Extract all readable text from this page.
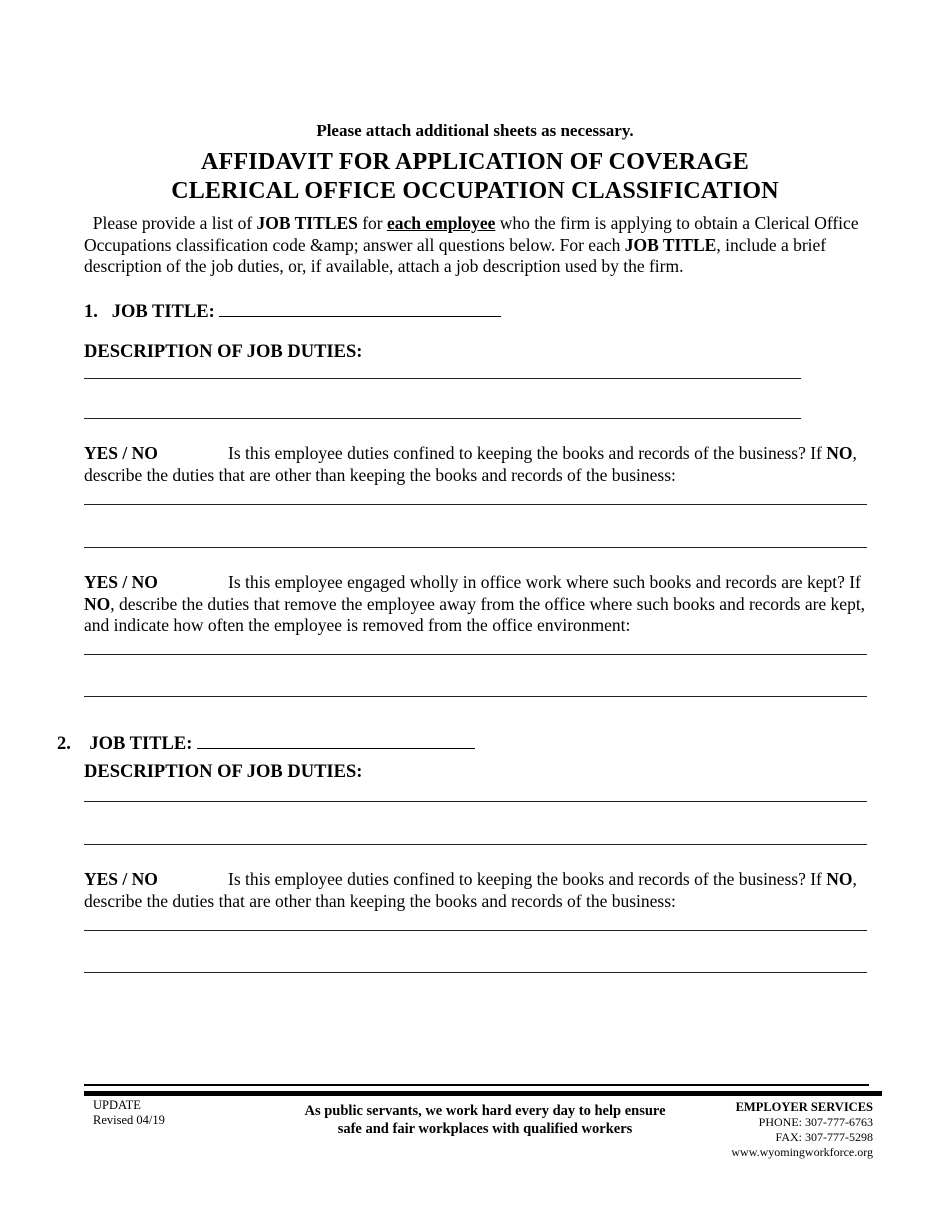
Please attach additional sheets as necessary.
AFFIDAVIT FOR APPLICATION OF COVERAGE
CLERICAL OFFICE OCCUPATION CLASSIFICATION
Please provide a list of JOB TITLES for each employee who the firm is applying to obtain a Clerical Office Occupations classification code &amp; answer all questions below. For each JOB TITLE, include a brief description of the job duties, or, if available, attach a job description used by the firm.
1. JOB TITLE:
DESCRIPTION OF JOB DUTIES:
YES / NO	Is this employee duties confined to keeping the books and records of the business? If NO, describe the duties that are other than keeping the books and records of the business:
YES / NO	Is this employee engaged wholly in office work where such books and records are kept? If NO, describe the duties that remove the employee away from the office where such books and records are kept, and indicate how often the employee is removed from the office environment:
2. JOB TITLE:
DESCRIPTION OF JOB DUTIES:
YES / NO	Is this employee duties confined to keeping the books and records of the business? If NO, describe the duties that are other than keeping the books and records of the business:
UPDATE
Revised 04/19
As public servants, we work hard every day to help ensure
safe and fair workplaces with qualified workers
EMPLOYER SERVICES
PHONE: 307-777-6763
FAX: 307-777-5298
www.wyomingworkforce.org
